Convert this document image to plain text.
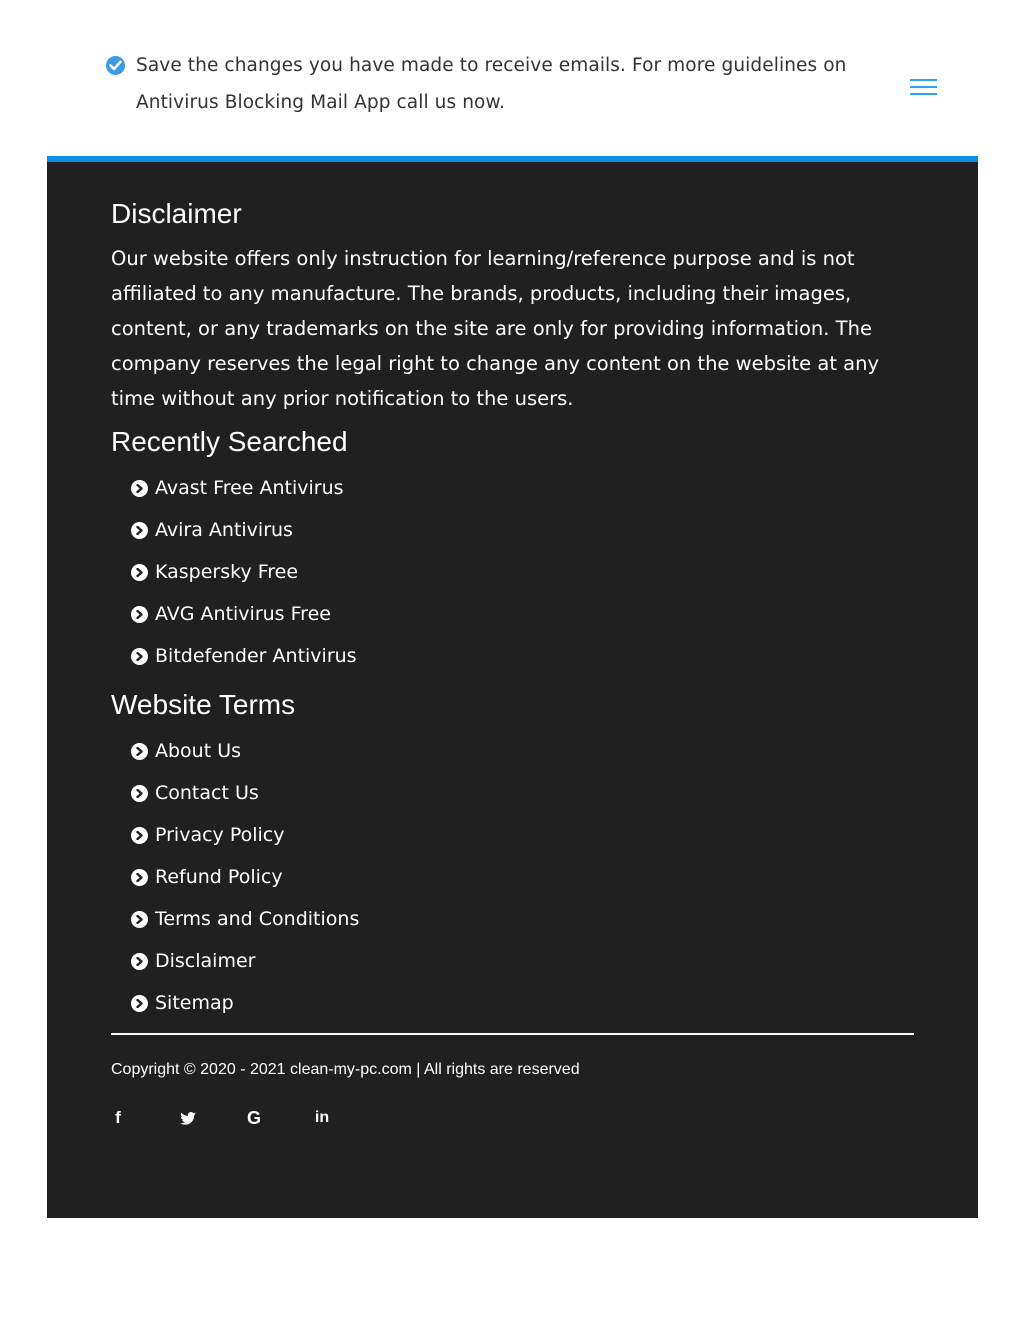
Save the changes you have made to receive emails. For more guidelines on Antivirus Blocking Mail App call us now.
Disclaimer

Our website offers only instruction for learning/reference purpose and is not affiliated to any manufacture. The brands, products, including their images, content, or any trademarks on the site are only for providing information. The company reserves the legal right to change any content on the website at any time without any prior notification to the users.

Recently Searched
Avast Free Antivirus
Avira Antivirus
Kaspersky Free
AVG Antivirus Free
Bitdefender Antivirus
Website Terms
About Us
Contact Us
Privacy Policy
Refund Policy
Terms and Conditions
Disclaimer
Sitemap
Copyright © 2020 - 2021 clean-my-pc.com | All rights are reserved
f	G	in
